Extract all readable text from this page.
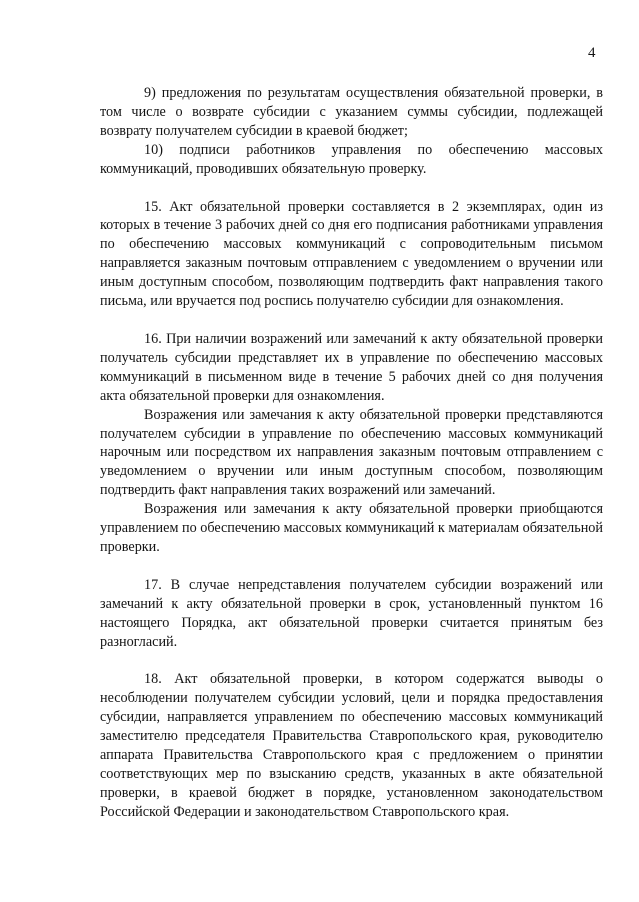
4

9) предложения по результатам осуществления обязательной проверки, в том числе о возврате субсидии с указанием суммы субсидии, подлежащей возврату получателем субсидии в краевой бюджет;

10) подписи работников управления по обеспечению массовых коммуникаций, проводивших обязательную проверку.

15. Акт обязательной проверки составляется в 2 экземплярах, один из которых в течение 3 рабочих дней со дня его подписания работниками управления по обеспечению массовых коммуникаций с сопроводительным письмом направляется заказным почтовым отправлением с уведомлением о вручении или иным доступным способом, позволяющим подтвердить факт направления такого письма, или вручается под роспись получателю субсидии для ознакомления.

16. При наличии возражений или замечаний к акту обязательной проверки получатель субсидии представляет их в управление по обеспечению массовых коммуникаций в письменном виде в течение 5 рабочих дней со дня получения акта обязательной проверки для ознакомления.

Возражения или замечания к акту обязательной проверки представляются получателем субсидии в управление по обеспечению массовых коммуникаций нарочным или посредством их направления заказным почтовым отправлением с уведомлением о вручении или иным доступным способом, позволяющим подтвердить факт направления таких возражений или замечаний.

Возражения или замечания к акту обязательной проверки приобщаются управлением по обеспечению массовых коммуникаций к материалам обязательной проверки.

17. В случае непредставления получателем субсидии возражений или замечаний к акту обязательной проверки в срок, установленный пунктом 16 настоящего Порядка, акт обязательной проверки считается принятым без разногласий.

18. Акт обязательной проверки, в котором содержатся выводы о несоблюдении получателем субсидии условий, цели и порядка предоставления субсидии, направляется управлением по обеспечению массовых коммуникаций заместителю председателя Правительства Ставропольского края, руководителю аппарата Правительства Ставропольского края с предложением о принятии соответствующих мер по взысканию средств, указанных в акте обязательной проверки, в краевой бюджет в порядке, установленном законодательством Российской Федерации и законодательством Ставропольского края.
